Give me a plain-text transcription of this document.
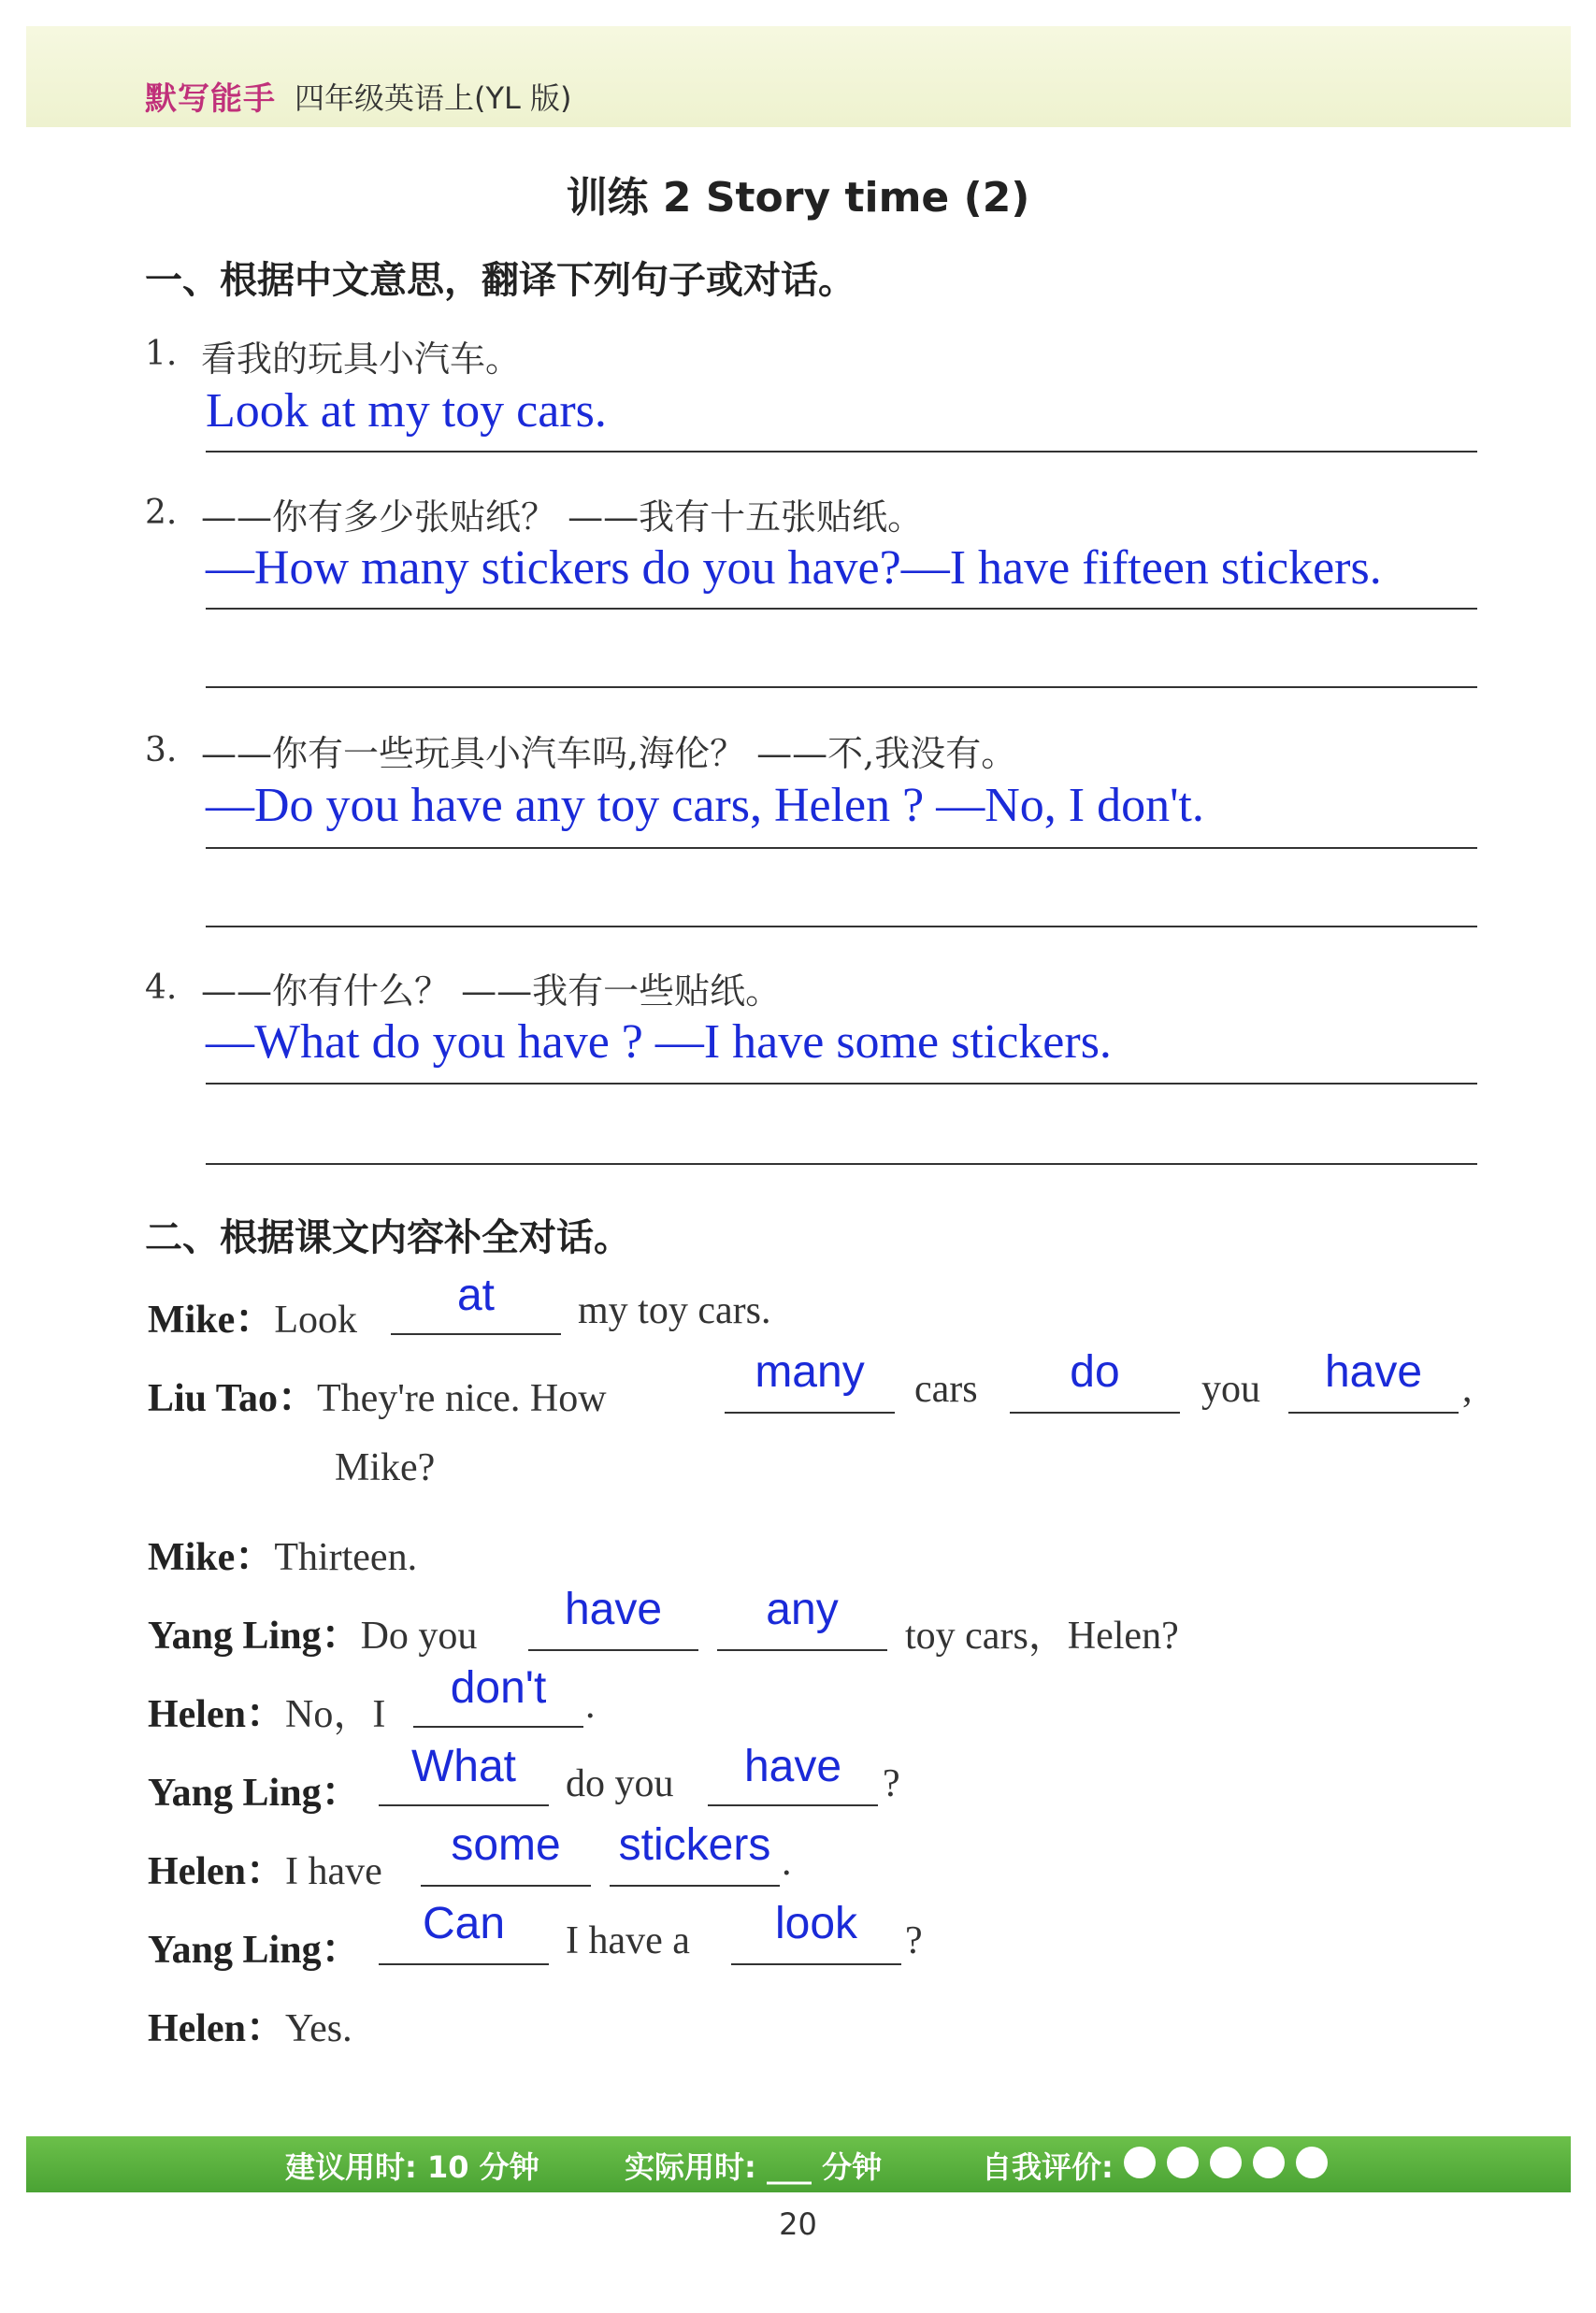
默写能手 四年级英语上(YL 版)
训练 2 Story time (2)
一、根据中文意思，翻译下列句子或对话。
1. 看我的玩具小汽车。
Look at my toy cars.
2. ——你有多少张贴纸？ ——我有十五张贴纸。
—How many stickers do you have?—I have fifteen stickers.
3. ——你有一些玩具小汽车吗,海伦？ ——不,我没有。
—Do you have any toy cars, Helen ? —No, I don't.
4. ——你有什么？ ——我有一些贴纸。
—What do you have ? —I have some stickers.
二、根据课文内容补全对话。
Mike：Look	at	my toy cars.
Liu Tao：They're nice. How
many	cars	do	you	have	,
Mike?
Mike：Thirteen.
Yang Ling：Do you
have	any
toy cars，Helen?
Helen：No，I
don't .
Yang Ling：
What	do you	have	?
Helen：I have
some	stickers .
Yang Ling：
Can	I have a	look	?
Helen：Yes.
建议用时: 10 分钟	实际用时: ___ 分钟	自我评价:
20
